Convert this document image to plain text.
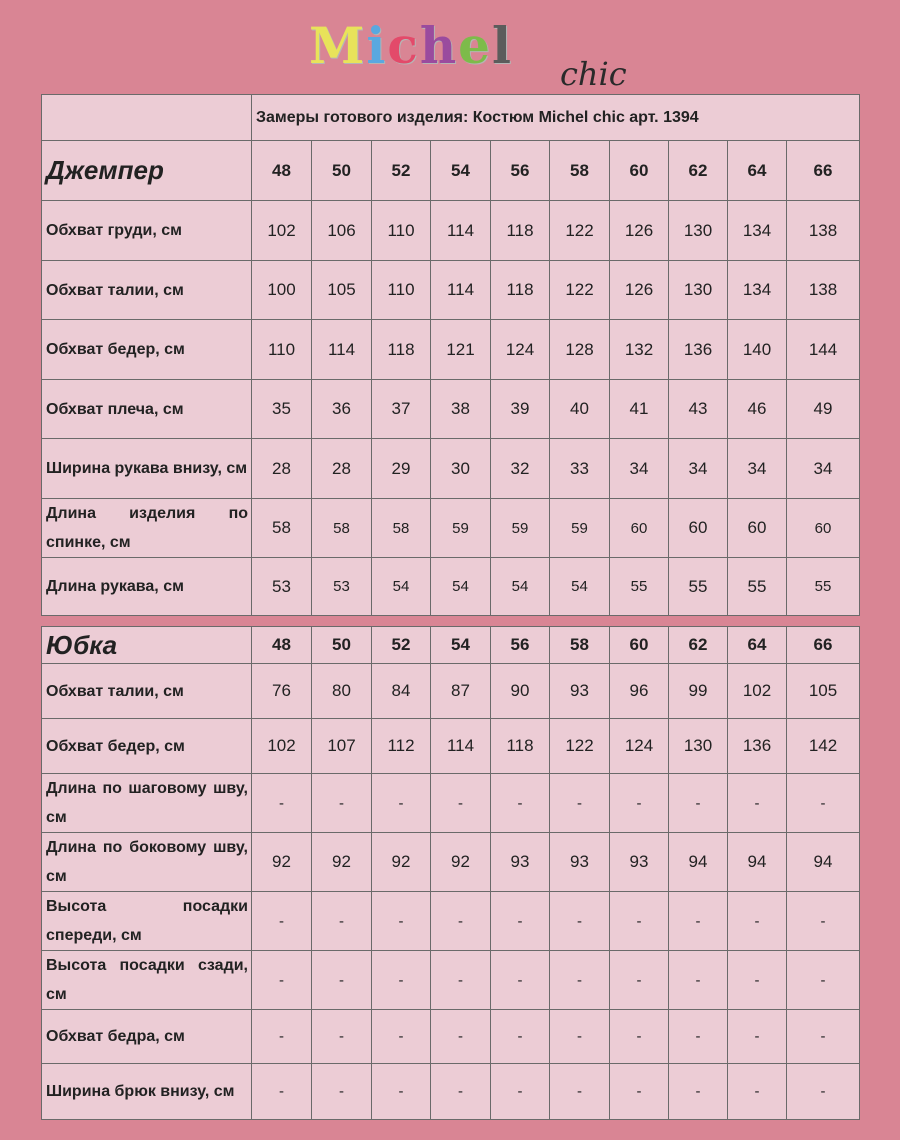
Michel chic
	Замеры готового изделия: Костюм Michel chic арт. 1394									
Джемпер	48	50	52	54	56	58	60	62	64	66
Обхват груди, см	102	106	110	114	118	122	126	130	134	138
Обхват талии, см	100	105	110	114	118	122	126	130	134	138
Обхват бедер, см	110	114	118	121	124	128	132	136	140	144
Обхват плеча, см	35	36	37	38	39	40	41	43	46	49
Ширина рукава внизу, см	28	28	29	30	32	33	34	34	34	34
Длина изделия по спинке, см	58	58	58	59	59	59	60	60	60	60
Длина рукава, см	53	53	54	54	54	54	55	55	55	55
Юбка	48	50	52	54	56	58	60	62	64	66
Обхват талии, см	76	80	84	87	90	93	96	99	102	105
Обхват бедер, см	102	107	112	114	118	122	124	130	136	142
Длина по шаговому шву, см	-	-	-	-	-	-	-	-	-	-
Длина по боковому шву, см	92	92	92	92	93	93	93	94	94	94
Высота посадки спереди, см	-	-	-	-	-	-	-	-	-	-
Высота посадки сзади, см	-	-	-	-	-	-	-	-	-	-
Обхват бедра, см	-	-	-	-	-	-	-	-	-	-
Ширина брюк внизу, см	-	-	-	-	-	-	-	-	-	-
